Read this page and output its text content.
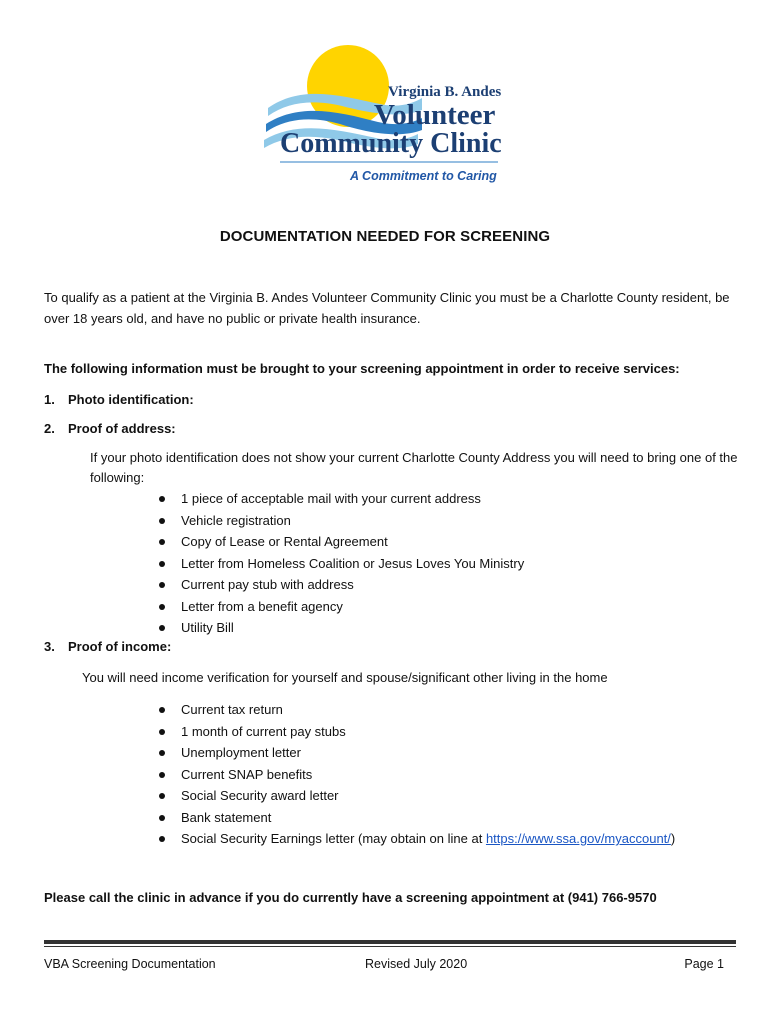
Virginia B. Andes
Volunteer
Community Clinic
A Commitment to Caring
DOCUMENTATION NEEDED FOR SCREENING
To qualify as a patient at the Virginia B. Andes Volunteer Community Clinic you must be a Charlotte County resident, be over 18 years old, and have no public or private health insurance.
The following information must be brought to your screening appointment in order to receive services:
1. Photo identification:
2. Proof of address:
If your photo identification does not show your current Charlotte County Address you will need to bring one of the following:
1 piece of acceptable mail with your current address
Vehicle registration
Copy of Lease or Rental Agreement
Letter from Homeless Coalition or Jesus Loves You Ministry
Current pay stub with address
Letter from a benefit agency
Utility Bill
3. Proof of income:
You will need income verification for yourself and spouse/significant other living in the home
Current tax return
1 month of current pay stubs
Unemployment letter
Current SNAP benefits
Social Security award letter
Bank statement
Social Security Earnings letter (may obtain on line at https://www.ssa.gov/myaccount/)
Please call the clinic in advance if you do currently have a screening appointment at (941) 766-9570
VBA Screening Documentation	Revised July 2020	Page 1
